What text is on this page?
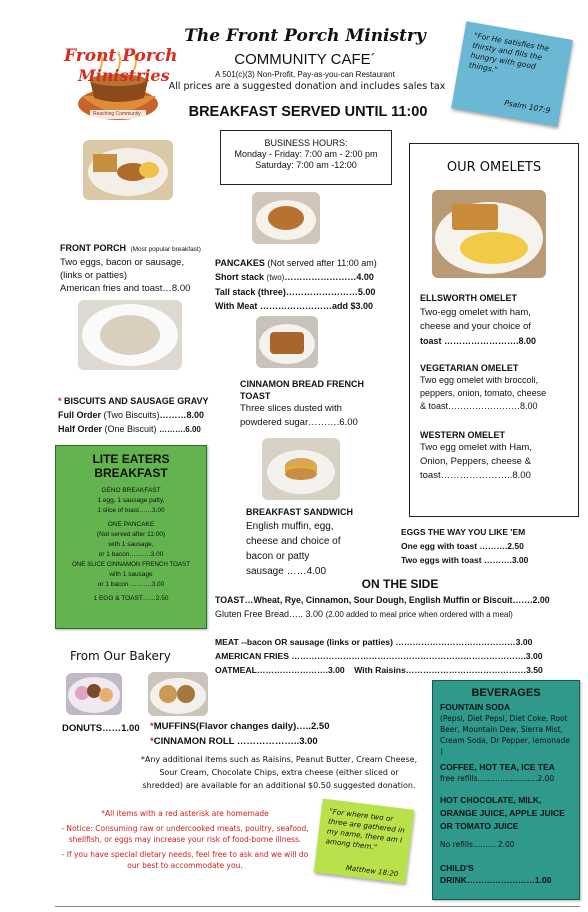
Front Porch
Ministries
Reaching Community
The Front Porch Ministry
COMMUNITY CAFE´
A 501(c)(3) Non-Profit, Pay-as-you-can Restaurant
All prices are a suggested donation and includes sales tax
BREAKFAST SERVED UNTIL 11:00
"For He satisfies the thirsty and fills the hungry with good things."
Psalm 107:9
BUSINESS HOURS:
Monday - Friday: 7:00 am - 2:00 pm
Saturday: 7:00 am -12:00
FRONT PORCH (Most popular breakfast)
Two eggs, bacon or sausage,
(links or patties)
American fries and toast…8.00
PANCAKES (Not served after 11:00 am)
Short stack (two)……………………4.00
Tall stack (three)……………………5.00
With Meat ……………………add $3.00
* BISCUITS AND SAUSAGE GRAVY
Full Order (Two Biscuits)………8.00
Half Order (One Biscuit) ……….6.00
CINNAMON BREAD FRENCH
TOAST
Three slices dusted with
powdered sugar……….6.00
LITE EATERS
BREAKFAST
GENO BREAKFAST
1 egg, 1 sausage patty,
1 slice of toast……3.00
ONE PANCAKE
(Not served after 11:00)
with 1 sausage,
or 1 bacon……….3.00
ONE SLICE CINNAMON FRENCH TOAST
with 1 sausage
or 1 bacon ……….3.00
1 EGG & TOAST……2.50
BREAKFAST SANDWICH
English muffin, egg,
cheese and choice of
bacon or patty
sausage ……4.00
OUR OMELETS
ELLSWORTH OMELET
Two-egg omelet with ham,
cheese and your choice of
toast …………………….8.00
VEGETARIAN OMELET
Two egg omelet with broccoli,
peppers, onion, tomato, cheese
& toast……………………8.00
WESTERN OMELET
Two egg omelet with Ham,
Onion, Peppers, cheese &
toast…………………..8.00
EGGS THE WAY YOU LIKE 'EM
One egg with toast ……….2.50
Two eggs with toast ……….3.00
ON THE SIDE
TOAST…Wheat, Rye, Cinnamon, Sour Dough, English Muffin or Biscuit…….2.00
Gluten Free Bread….. 3.00 (2.00 added to meal price when ordered with a meal)
MEAT --bacon OR sausage (links or patties) ……………………………………3.00
AMERICAN FRIES ……………………………………………………………………….3.00
OATMEAL…………………….3.00    With Raisins……………………………………3.50
From Our Bakery
DONUTS……1.00 *MUFFINS(Flavor changes daily)…..2.50
*CINNAMON ROLL ………………..3.00
*Any additional items such as Raisins, Peanut Butter, Cream Cheese, Sour Cream, Chocolate Chips, extra cheese (either sliced or shredded) are available for an additional $0.50 suggested donation.
*All items with a red asterisk are homemade
- Notice: Consuming raw or undercooked meats, poultry, seafood, shellfish, or eggs may increase your risk of food-borne illness.
- If you have special dietary needs, feel free to ask and we will do our best to accommodate you.
"For where two or three are gathered in my name, there am I among them."
Matthew 18:20
BEVERAGES
FOUNTAIN SODA
(Pepsi, Diet Pepsi, Diet Coke, Root Beer, Mountain Dew, Sierra Mist, Cream Soda, Dr Pepper, lemonade )
COFFEE, HOT TEA, ICE TEA
free refills……………………2.00
HOT CHOCOLATE, MILK, ORANGE JUICE, APPLE JUICE OR TOMATO JUICE
No refills……… 2.00
CHILD'S
DRINK……………………1.00
